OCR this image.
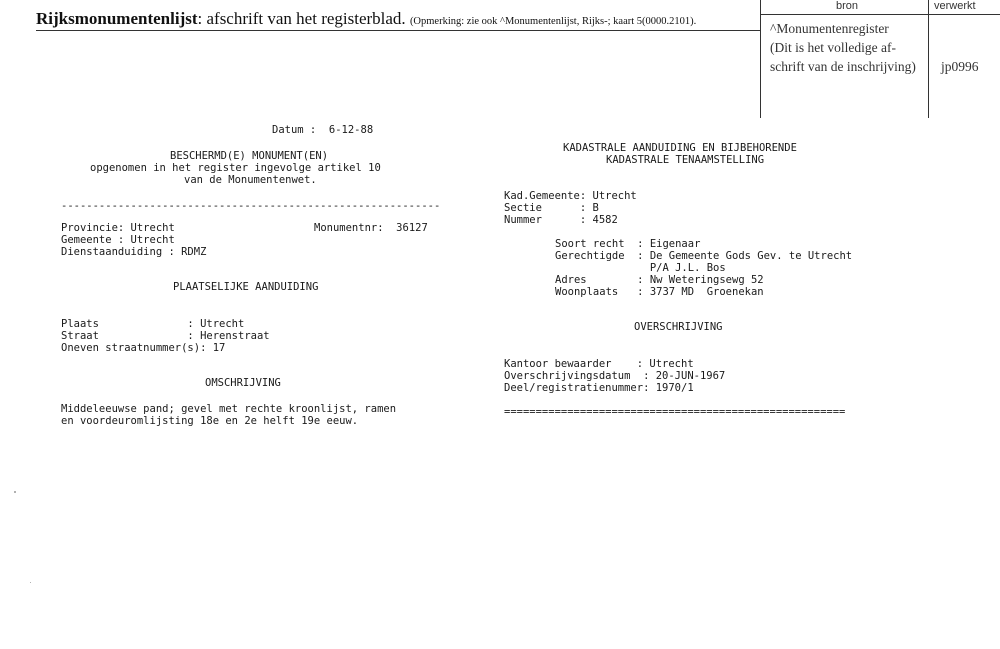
Rijksmonumentenlijst: afschrift van het registerblad. (Opmerking: zie ook ^Monumentenlijst, Rijks-; kaart 5(0000.2101).
bron	verwerkt
^Monumentenregister
(Dit is het volledige af-
schrift van de inschrijving) jp0996
Datum :  6-12-88
BESCHERMD(E) MONUMENT(EN)
opgenomen in het register ingevolge artikel 10
van de Monumentenwet.
------------------------------------------------------------
Provincie: Utrecht	Monumentnr:  36127
Gemeente : Utrecht
Dienstaanduiding : RDMZ
PLAATSELIJKE AANDUIDING
Plaats              : Utrecht
Straat              : Herenstraat
Oneven straatnummer(s): 17
OMSCHRIJVING
Middeleeuwse pand; gevel met rechte kroonlijst, ramen
en voordeuromlijsting 18e en 2e helft 19e eeuw.
KADASTRALE AANDUIDING EN BIJBEHORENDE
KADASTRALE TENAAMSTELLING
Kad.Gemeente: Utrecht
Sectie      : B
Nummer      : 4582
Soort recht  : Eigenaar
Gerechtigde  : De Gemeente Gods Gev. te Utrecht
P/A J.L. Bos
Adres        : Nw Weteringsewg 52
Woonplaats   : 3737 MD  Groenekan
OVERSCHRIJVING
Kantoor bewaarder    : Utrecht
Overschrijvingsdatum  : 20-JUN-1967
Deel/registratienummer: 1970/1
======================================================
